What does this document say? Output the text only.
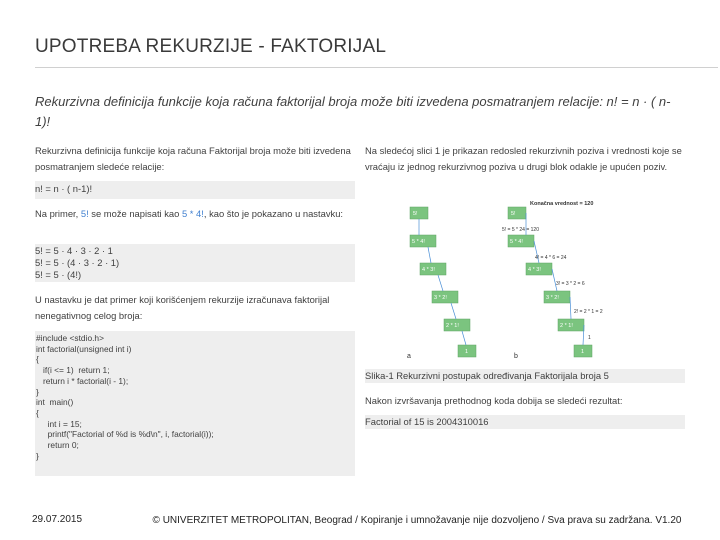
UPOTREBA REKURZIJE - FAKTORIJAL
Rekurzivna definicija funkcije koja računa faktorijal broja može biti izvedena posmatranjem relacije: n! = n · ( n-1)!
Rekurzivna definicija funkcije koja računa Faktorijal broja može biti izvedena posmatranjem sledeće relacije:
n! = n · ( n-1)!
Na primer, 5! se može napisati kao 5 * 4!, kao što je pokazano u nastavku:
5! = 5 · 4 · 3 · 2 · 1
5! = 5 · (4 · 3 · 2 · 1)
5! = 5 · (4!)
U nastavku je dat primer koji korišćenjem rekurzije izračunava faktorijal nenegativnog celog broja:
#include <stdio.h>
int factorial(unsigned int i)
{
if(i <= 1)  return 1;
return i * factorial(i - 1);
}
int  main()
{
int i = 15;
printf("Factorial of %d is %d\n", i, factorial(i));
return 0;
}
Na sledećoj slici 1 je prikazan redosled rekurzivnih poziva i vrednosti koje se vraćaju iz jednog rekurzivnog poziva u drugi blok odakle je upućen poziv.
Konačna vrednost = 120
5!
5 * 4!
4 * 3!
3 * 2!
2 * 1!
1
a
5!
5 * 4!
4 * 3!
3 * 2!
2 * 1!
1
5! = 5 * 24 = 120
4! = 4 * 6 = 24
3! = 3 * 2 = 6
2! = 2 * 1 = 2
1
b
Slika-1 Rekurzivni postupak određivanja Faktorijala broja 5
Nakon izvršavanja prethodnog koda dobija se sledeći rezultat:
Factorial of 15 is 2004310016
29.07.2015	© UNIVERZITET METROPOLITAN, Beograd / Kopiranje i umnožavanje nije dozvoljeno / Sva prava su zadržana. V1.20
